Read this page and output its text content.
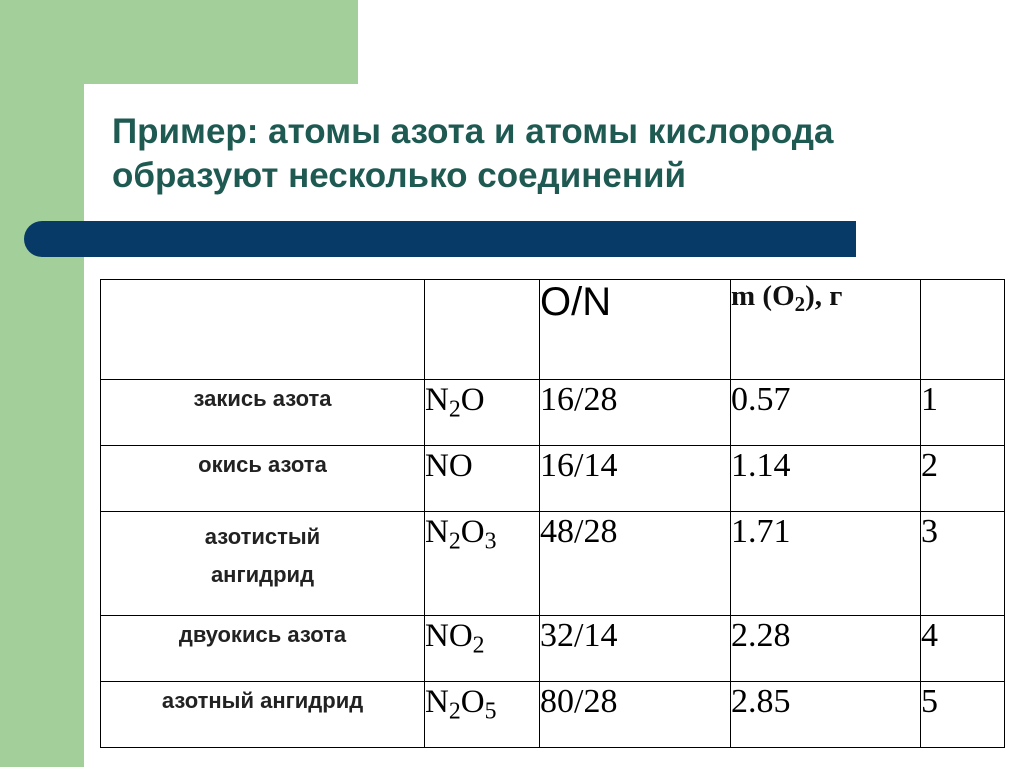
Пример: атомы азота и атомы кислорода
образуют несколько соединений
		O/N	m $(O_2)$, г	
закись азота	$N_2O$	16/28	0.57	1
окись азота	NO	16/14	1.14	2
азотистый ангидрид	$N_2O_3$	48/28	1.71	3
двуокись азота	$NO_2$	32/14	2.28	4
азотный ангидрид	$N_2O_5$	80/28	2.85	5
